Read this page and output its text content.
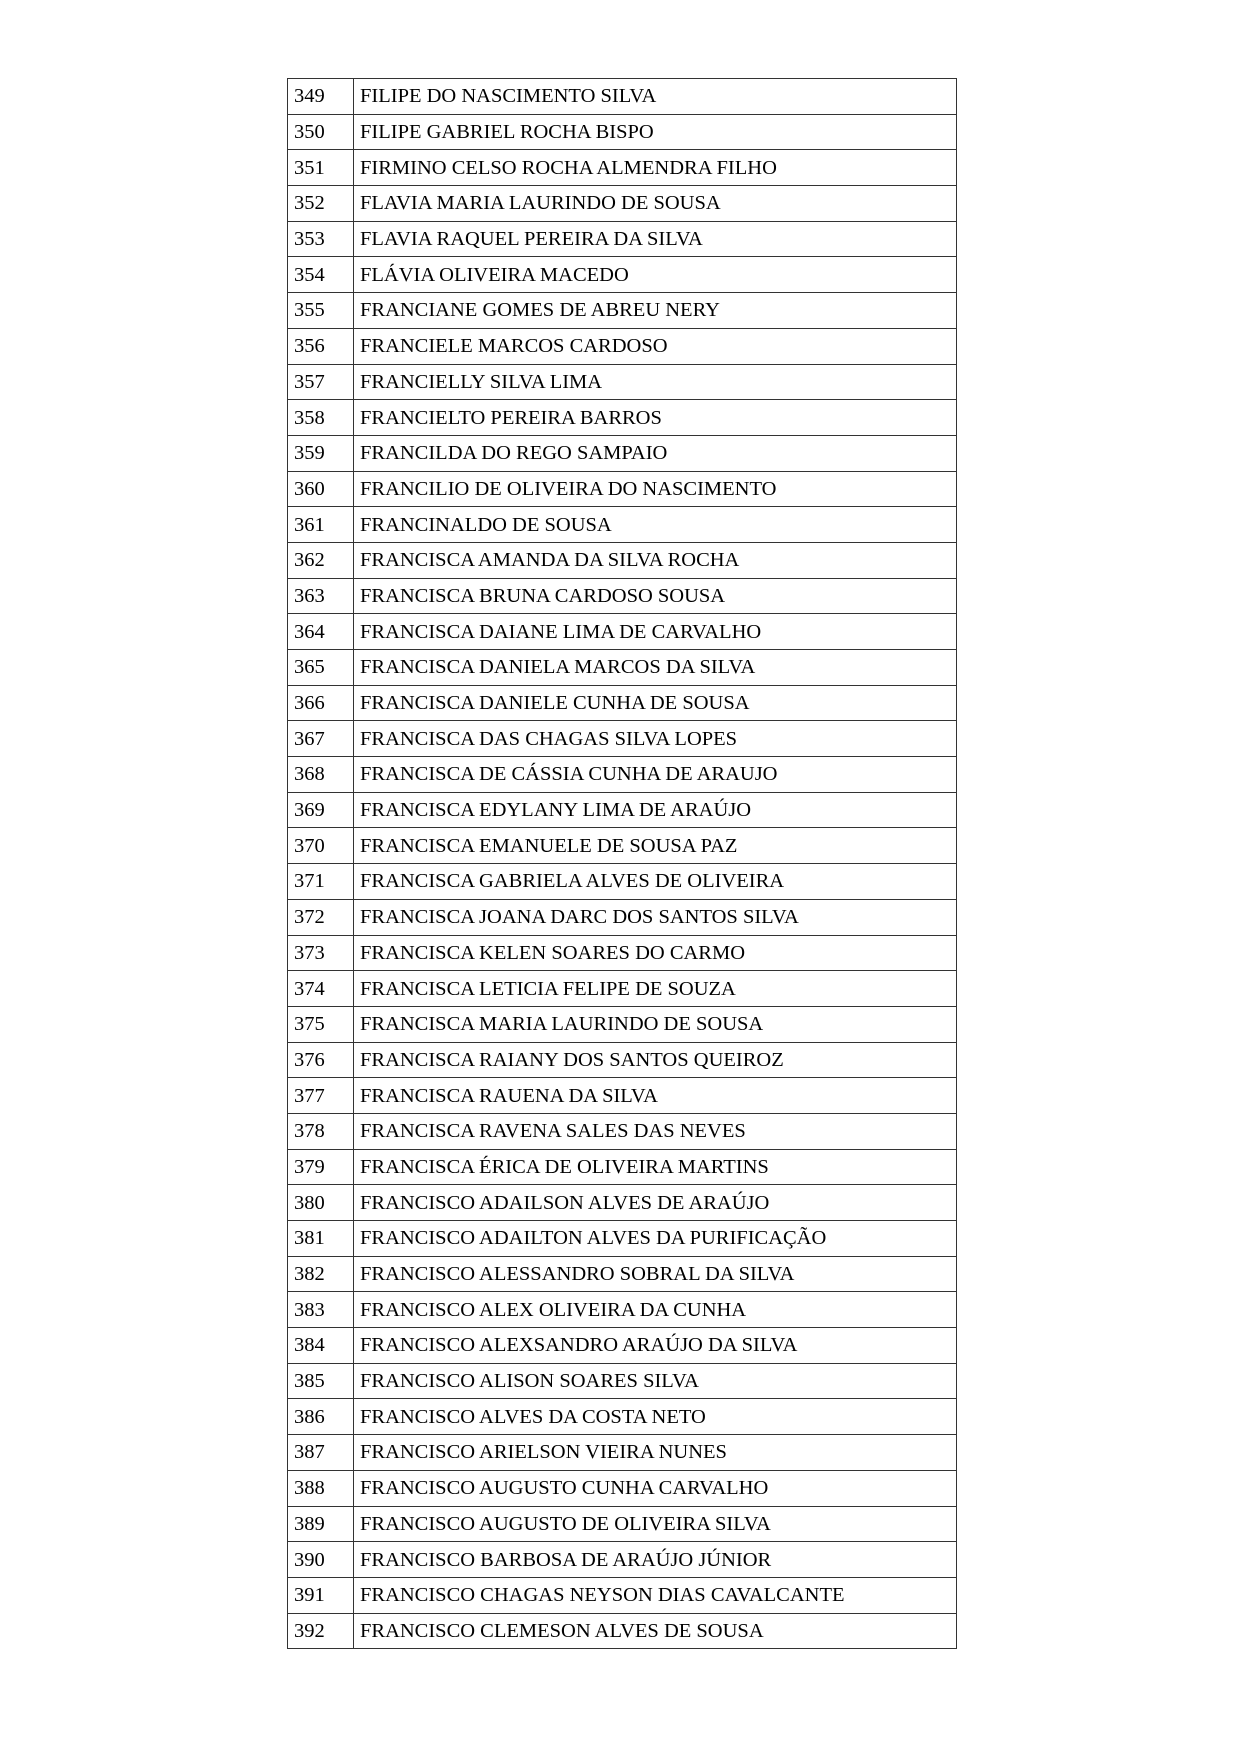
349	FILIPE DO NASCIMENTO SILVA
350	FILIPE GABRIEL ROCHA BISPO
351	FIRMINO CELSO ROCHA ALMENDRA FILHO
352	FLAVIA MARIA LAURINDO DE SOUSA
353	FLAVIA RAQUEL PEREIRA DA SILVA
354	FLÁVIA OLIVEIRA MACEDO
355	FRANCIANE GOMES DE ABREU NERY
356	FRANCIELE MARCOS CARDOSO
357	FRANCIELLY SILVA LIMA
358	FRANCIELTO PEREIRA BARROS
359	FRANCILDA DO REGO SAMPAIO
360	FRANCILIO DE OLIVEIRA DO NASCIMENTO
361	FRANCINALDO DE SOUSA
362	FRANCISCA AMANDA DA SILVA ROCHA
363	FRANCISCA BRUNA CARDOSO SOUSA
364	FRANCISCA DAIANE LIMA DE CARVALHO
365	FRANCISCA DANIELA MARCOS DA SILVA
366	FRANCISCA DANIELE CUNHA DE SOUSA
367	FRANCISCA DAS CHAGAS SILVA LOPES
368	FRANCISCA DE CÁSSIA CUNHA DE ARAUJO
369	FRANCISCA EDYLANY LIMA DE ARAÚJO
370	FRANCISCA EMANUELE DE SOUSA PAZ
371	FRANCISCA GABRIELA ALVES DE OLIVEIRA
372	FRANCISCA JOANA DARC DOS SANTOS SILVA
373	FRANCISCA KELEN SOARES DO CARMO
374	FRANCISCA LETICIA FELIPE DE SOUZA
375	FRANCISCA MARIA LAURINDO DE SOUSA
376	FRANCISCA RAIANY DOS SANTOS QUEIROZ
377	FRANCISCA RAUENA DA SILVA
378	FRANCISCA RAVENA SALES DAS NEVES
379	FRANCISCA ÉRICA DE OLIVEIRA MARTINS
380	FRANCISCO ADAILSON ALVES DE ARAÚJO
381	FRANCISCO ADAILTON ALVES DA PURIFICAÇÃO
382	FRANCISCO ALESSANDRO SOBRAL DA SILVA
383	FRANCISCO ALEX OLIVEIRA DA CUNHA
384	FRANCISCO ALEXSANDRO ARAÚJO DA SILVA
385	FRANCISCO ALISON SOARES SILVA
386	FRANCISCO ALVES DA COSTA NETO
387	FRANCISCO ARIELSON VIEIRA NUNES
388	FRANCISCO AUGUSTO CUNHA CARVALHO
389	FRANCISCO AUGUSTO DE OLIVEIRA SILVA
390	FRANCISCO BARBOSA DE ARAÚJO JÚNIOR
391	FRANCISCO CHAGAS NEYSON DIAS CAVALCANTE
392	FRANCISCO CLEMESON ALVES DE SOUSA
